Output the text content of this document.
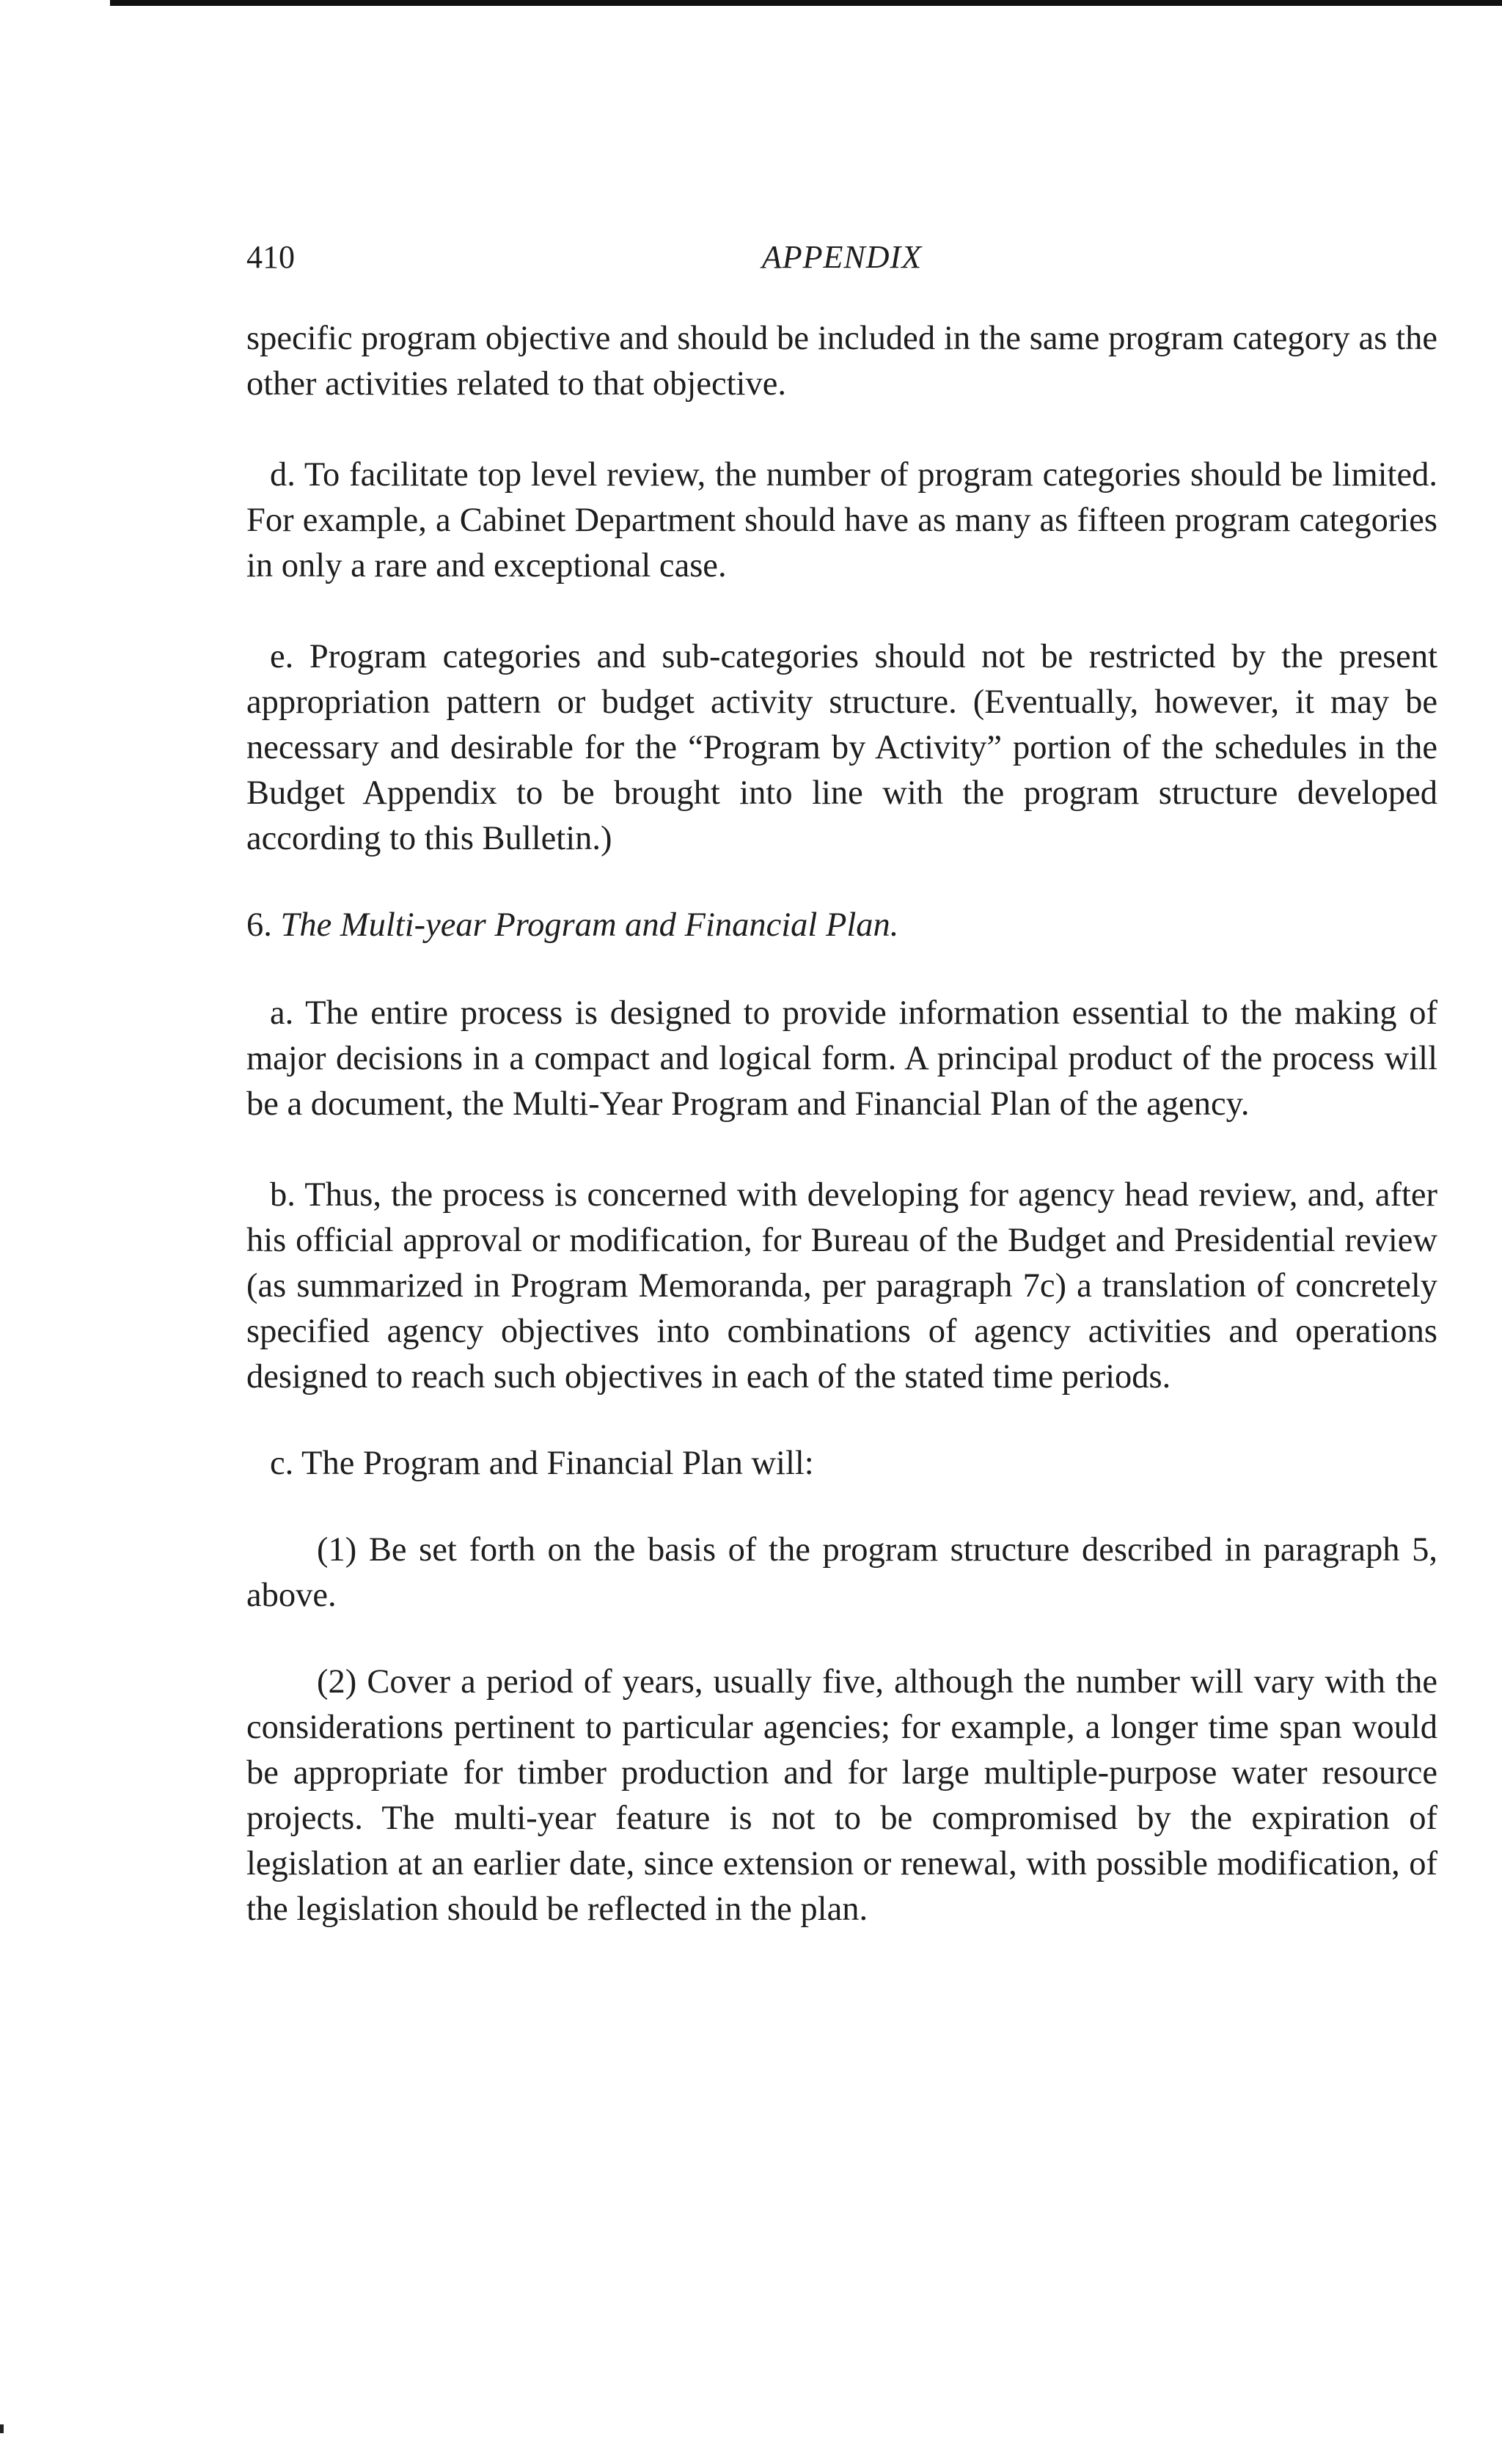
410	APPENDIX

specific program objective and should be included in the same program category as the other activities related to that objective.

d. To facilitate top level review, the number of program categories should be limited. For example, a Cabinet Department should have as many as fifteen program categories in only a rare and exceptional case.

e. Program categories and sub-categories should not be restricted by the present appropriation pattern or budget activity structure. (Eventually, however, it may be necessary and desirable for the “Program by Activity” portion of the schedules in the Budget Appendix to be brought into line with the program structure developed according to this Bulletin.)

6. The Multi-year Program and Financial Plan.

a. The entire process is designed to provide information essential to the making of major decisions in a compact and logical form. A principal product of the process will be a document, the Multi-Year Program and Financial Plan of the agency.

b. Thus, the process is concerned with developing for agency head review, and, after his official approval or modification, for Bureau of the Budget and Presidential review (as summarized in Program Memoranda, per paragraph 7c) a translation of concretely specified agency objectives into combinations of agency activities and operations designed to reach such objectives in each of the stated time periods.

c. The Program and Financial Plan will:

(1) Be set forth on the basis of the program structure described in paragraph 5, above.

(2) Cover a period of years, usually five, although the number will vary with the considerations pertinent to particular agencies; for example, a longer time span would be appropriate for timber production and for large multiple-purpose water resource projects. The multi-year feature is not to be compromised by the expiration of legislation at an earlier date, since extension or renewal, with possible modification, of the legislation should be reflected in the plan.
